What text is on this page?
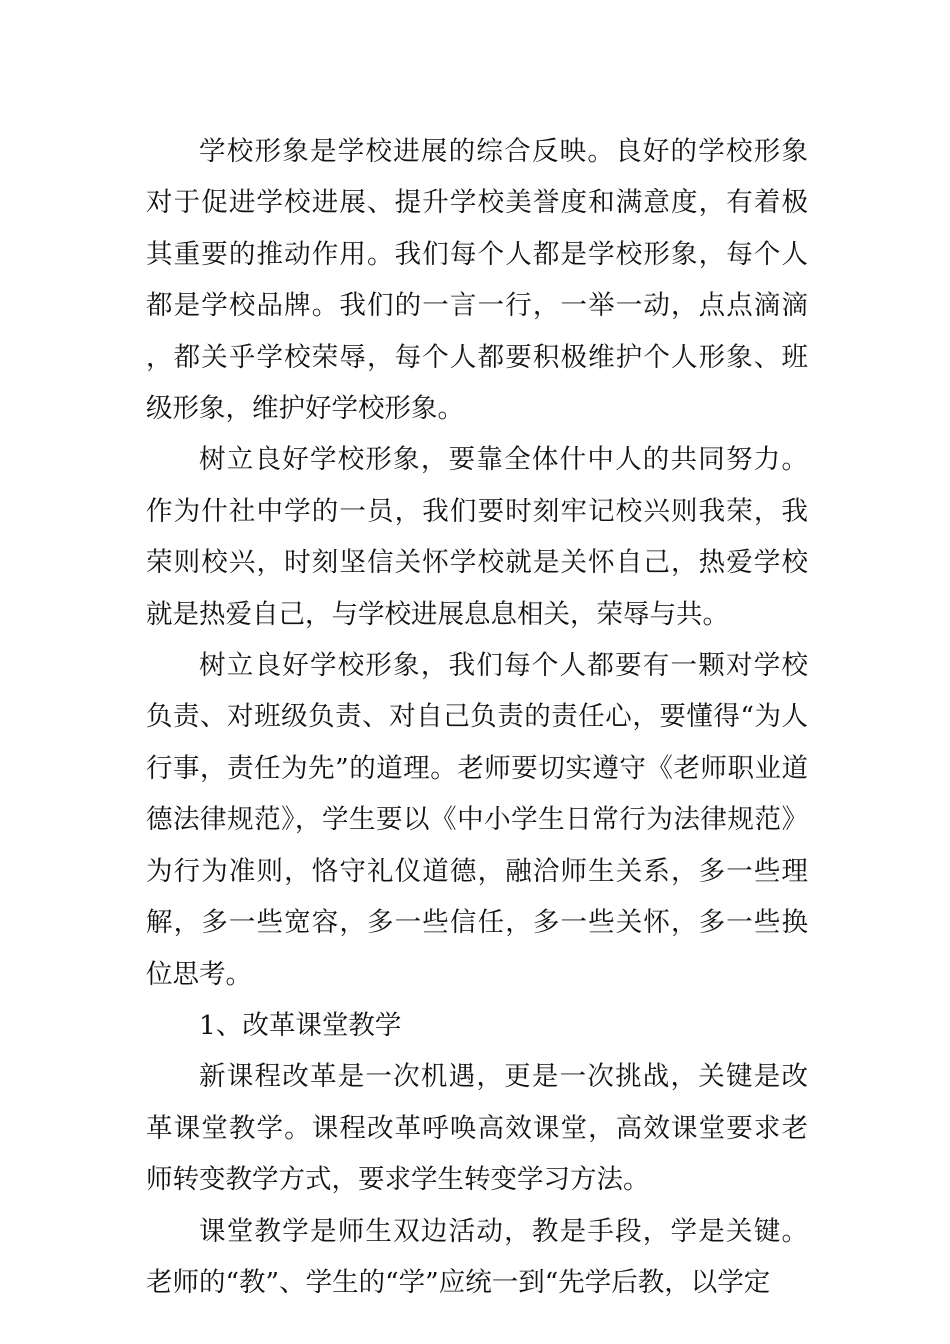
学校形象是学校进展的综合反映。良好的学校形象对于促进学校进展、提升学校美誉度和满意度，有着极其重要的推动作用。我们每个人都是学校形象，每个人都是学校品牌。我们的一言一行，一举一动，点点滴滴，都关乎学校荣辱，每个人都要积极维护个人形象、班级形象，维护好学校形象。

树立良好学校形象，要靠全体什中人的共同努力。作为什社中学的一员，我们要时刻牢记校兴则我荣，我荣则校兴，时刻坚信关怀学校就是关怀自己，热爱学校就是热爱自己，与学校进展息息相关，荣辱与共。

树立良好学校形象，我们每个人都要有一颗对学校负责、对班级负责、对自己负责的责任心，要懂得“为人行事，责任为先”的道理。老师要切实遵守《老师职业道德法律规范》，学生要以《中小学生日常行为法律规范》为行为准则，恪守礼仪道德，融洽师生关系，多一些理解，多一些宽容，多一些信任，多一些关怀，多一些换位思考。

1、改革课堂教学

新课程改革是一次机遇，更是一次挑战，关键是改革课堂教学。课程改革呼唤高效课堂，高效课堂要求老师转变教学方式，要求学生转变学习方法。

课堂教学是师生双边活动，教是手段，学是关键。老师的“教”、学生的“学”应统一到“先学后教，以学定
